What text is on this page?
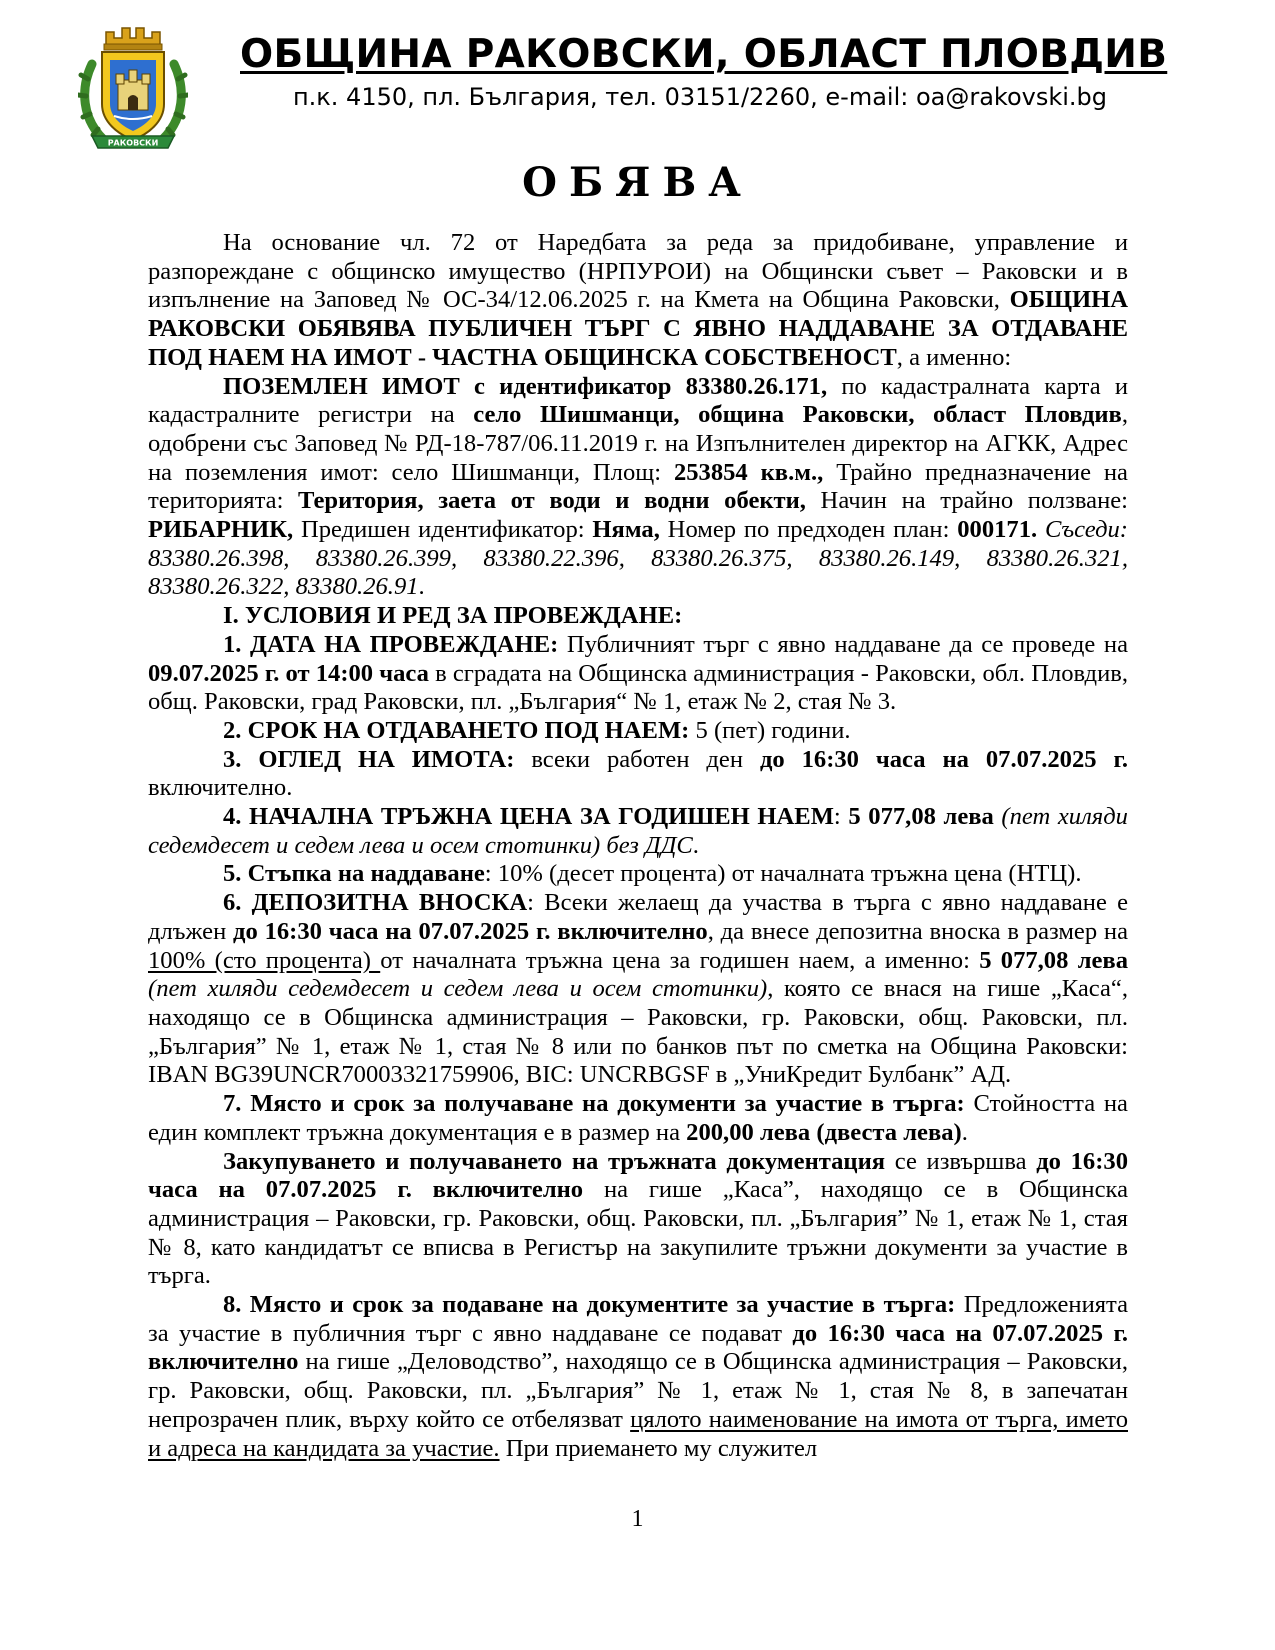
РАКОВСКИ
ОБЩИНА РАКОВСКИ, ОБЛАСТ ПЛОВДИВ
п.к. 4150, пл. България, тел. 03151/2260, e-mail: oa@rakovski.bg
ОБЯВА

На основание чл. 72 от Наредбата за реда за придобиване, управление и разпореждане с общинско имущество (НРПУРОИ) на Общински съвет – Раковски и в изпълнение на Заповед № ОС-34/12.06.2025 г. на Кмета на Община Раковски, ОБЩИНА РАКОВСКИ ОБЯВЯВА ПУБЛИЧЕН ТЪРГ С ЯВНО НАДДАВАНЕ ЗА ОТДАВАНЕ ПОД НАЕМ НА ИМОТ - ЧАСТНА ОБЩИНСКА СОБСТВЕНОСТ, а именно:

ПОЗЕМЛЕН ИМОТ с идентификатор 83380.26.171, по кадастралната карта и кадастралните регистри на село Шишманци, община Раковски, област Пловдив, одобрени със Заповед № РД-18-787/06.11.2019 г. на Изпълнителен директор на АГКК, Адрес на поземления имот: село Шишманци, Площ: 253854 кв.м., Трайно предназначение на територията: Територия, заета от води и водни обекти, Начин на трайно ползване: РИБАРНИК, Предишен идентификатор: Няма, Номер по предходен план: 000171. Съседи: 83380.26.398, 83380.26.399, 83380.22.396, 83380.26.375, 83380.26.149, 83380.26.321, 83380.26.322, 83380.26.91.

I. УСЛОВИЯ И РЕД ЗА ПРОВЕЖДАНЕ:

1. ДАТА НА ПРОВЕЖДАНЕ: Публичният търг с явно наддаване да се проведе на 09.07.2025 г. от 14:00 часа в сградата на Общинска администрация - Раковски, обл. Пловдив, общ. Раковски, град Раковски, пл. „България“ № 1, етаж № 2, стая № 3.

2. СРОК НА ОТДАВАНЕТО ПОД НАЕМ: 5 (пет) години.

3. ОГЛЕД НА ИМОТА: всеки работен ден до 16:30 часа на 07.07.2025 г. включително.

4. НАЧАЛНА ТРЪЖНА ЦЕНА ЗА ГОДИШЕН НАЕМ: 5 077,08 лева (пет хиляди седемдесет и седем лева и осем стотинки) без ДДС.

5. Стъпка на наддаване: 10% (десет процента) от началната тръжна цена (НТЦ).

6. ДЕПОЗИТНА ВНОСКА: Всеки желаещ да участва в търга с явно наддаване е длъжен до 16:30 часа на 07.07.2025 г. включително, да внесе депозитна вноска в размер на 100% (сто процента) от началната тръжна цена за годишен наем, а именно: 5 077,08 лева (пет хиляди седемдесет и седем лева и осем стотинки), която се внася на гише „Каса“, находящо се в Общинска администрация – Раковски, гр. Раковски, общ. Раковски, пл. „България” № 1, етаж № 1, стая № 8 или по банков път по сметка на Община Раковски: IBAN BG39UNCR70003321759906, BIC: UNCRBGSF в „УниКредит Булбанк” АД.

7. Място и срок за получаване на документи за участие в търга: Стойността на един комплект тръжна документация е в размер на 200,00 лева (двеста лева).

Закупуването и получаването на тръжната документация се извършва до 16:30 часа на 07.07.2025 г. включително на гише „Каса”, находящо се в Общинска администрация – Раковски, гр. Раковски, общ. Раковски, пл. „България” № 1, етаж № 1, стая № 8, като кандидатът се вписва в Регистър на закупилите тръжни документи за участие в търга.

8. Място и срок за подаване на документите за участие в търга: Предложенията за участие в публичния търг с явно наддаване се подават до 16:30 часа на 07.07.2025 г. включително на гише „Деловодство”, находящо се в Общинска администрация – Раковски, гр. Раковски, общ. Раковски, пл. „България” № 1, етаж № 1, стая № 8, в запечатан непрозрачен плик, върху който се отбелязват цялото наименование на имота от търга, името и адреса на кандидата за участие. При приемането му служител

1
